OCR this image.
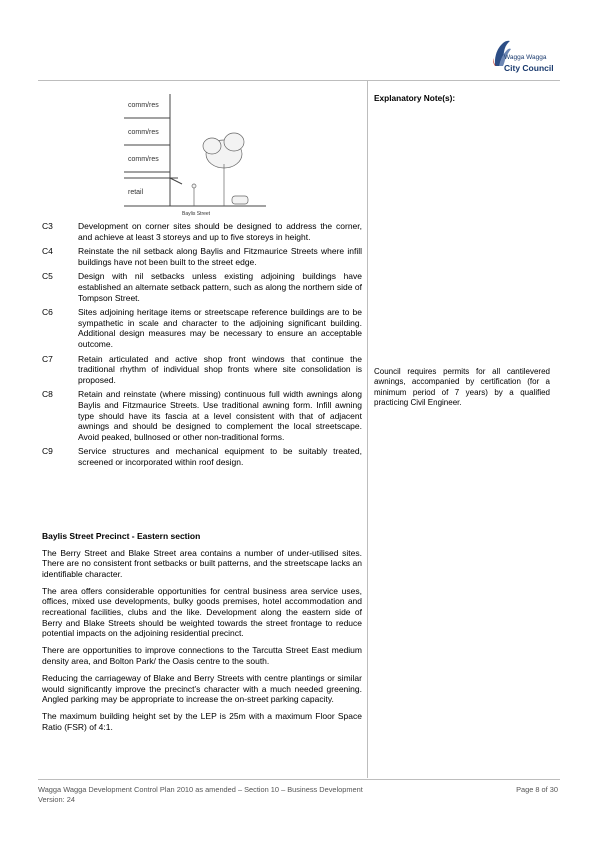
Wagga Wagga
City Council
comm/res
comm/res
comm/res
retail
Baylis Street
C3	Development on corner sites should be designed to address the corner, and achieve at least 3 storeys and up to five storeys in height.
C4	Reinstate the nil setback along Baylis and Fitzmaurice Streets where infill buildings have not been built to the street edge.
C5	Design with nil setbacks unless existing adjoining buildings have established an alternate setback pattern, such as along the northern side of Tompson Street.
C6	Sites adjoining heritage items or streetscape reference buildings are to be sympathetic in scale and character to the adjoining significant building. Additional design measures may be necessary to ensure an acceptable outcome.
C7	Retain articulated and active shop front windows that continue the traditional rhythm of individual shop fronts where site consolidation is proposed.
C8	Retain and reinstate (where missing) continuous full width awnings along Baylis and Fitzmaurice Streets. Use traditional awning form. Infill awning type should have its fascia at a level consistent with that of adjacent awnings and should be designed to complement the local streetscape. Avoid peaked, bullnosed or other non-traditional forms.
C9	Service structures and mechanical equipment to be suitably treated, screened or incorporated within roof design.
Baylis Street Precinct - Eastern section

The Berry Street and Blake Street area contains a number of under-utilised sites. There are no consistent front setbacks or built patterns, and the streetscape lacks an identifiable character.

The area offers considerable opportunities for central business area service uses, offices, mixed use developments, bulky goods premises, hotel accommodation and recreational facilities, clubs and the like. Development along the eastern side of Berry and Blake Streets should be weighted towards the street frontage to reduce potential impacts on the adjoining residential precinct.

There are opportunities to improve connections to the Tarcutta Street East medium density area, and Bolton Park/ the Oasis centre to the south.

Reducing the carriageway of Blake and Berry Streets with centre plantings or similar would significantly improve the precinct’s character with a much needed greening. Angled parking may be appropriate to increase the on-street parking capacity.

The maximum building height set by the LEP is 25m with a maximum Floor Space Ratio (FSR) of 4:1.

Explanatory Note(s):
Council requires permits for all cantilevered awnings, accompanied by certification (for a minimum period of 7 years) by a qualified practicing Civil Engineer.
Wagga Wagga Development Control Plan 2010 as amended – Section 10 – Business Development
Version: 24
Page 8 of 30
